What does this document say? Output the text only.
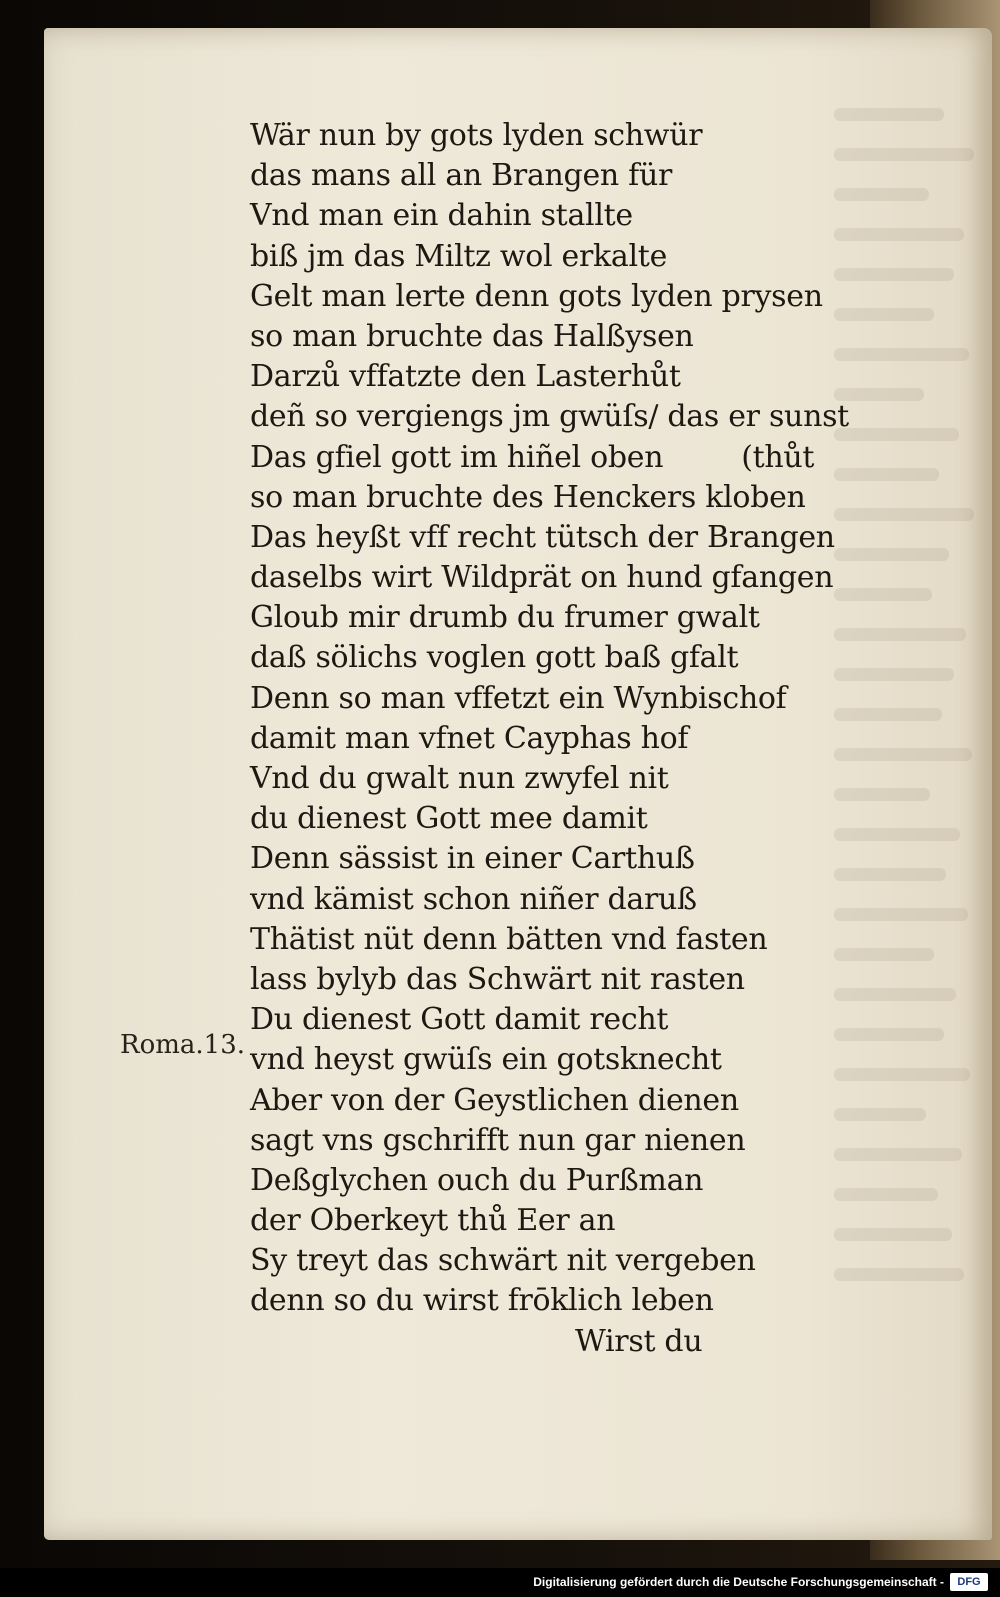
Wär nun by gots lyden schwür
das mans all an Brangen für
Vnd man ein dahin stallte
biß jm das Miltz wol erkalte
Gelt man lerte denn gots lyden prysen
so man bruchte das Halßysen
Darzů vffatzte den Lasterhůt
deñ so vergiengs jm gwüſs/ das er sunst
Das gfiel gott im hiñel oben	(thůt
so man bruchte des Henckers kloben
Das heyßt vff recht tütsch der Brangen
daselbs wirt Wildprät on hund gfangen
Gloub mir drumb du frumer gwalt
daß sölichs voglen gott baß gfalt
Denn so man vffetzt ein Wynbischof
damit man vfnet Cayphas hof
Vnd du gwalt nun zwyfel nit
du dienest Gott mee damit
Denn sässist in einer Carthuß
vnd kämist schon niñer daruß
Thätist nüt denn bätten vnd fasten
lass bylyb das Schwärt nit rasten
Du dienest Gott damit recht
vnd heyst gwüſs ein gotsknecht
Aber von der Geystlichen dienen
sagt vns gschrifft nun gar nienen
Deßglychen ouch du Purßman
der Oberkeyt thů Eer an
Sy treyt das schwärt nit vergeben
denn so du wirst frōklich leben
Wirst du
Roma.13.
Digitalisierung gefördert durch die Deutsche Forschungsgemeinschaft -	DFG
